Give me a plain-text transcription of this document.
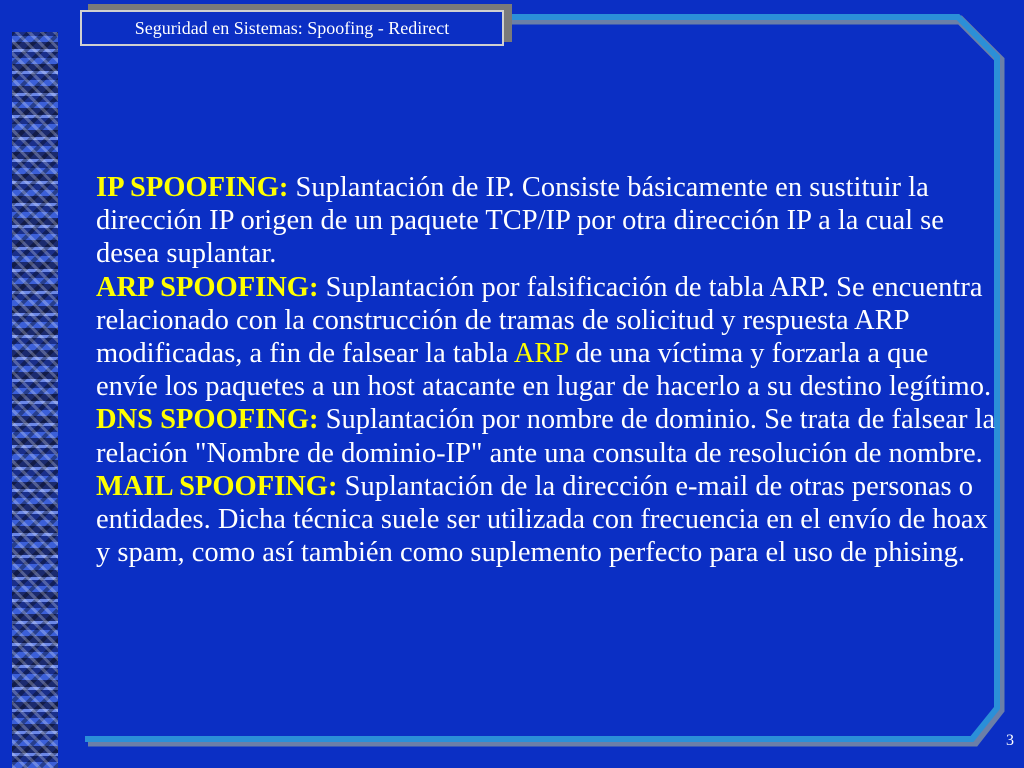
Seguridad en Sistemas: Spoofing - Redirect

IP SPOOFING: Suplantación de IP. Consiste básicamente en sustituir la dirección IP origen de un paquete TCP/IP por otra dirección IP a la cual se desea suplantar.

ARP SPOOFING: Suplantación por falsificación de tabla ARP. Se encuentra relacionado con la construcción de tramas de solicitud y respuesta ARP modificadas, a fin de falsear la tabla ARP de una víctima y forzarla a que envíe los paquetes a un host atacante en lugar de hacerlo a su destino legítimo.

DNS SPOOFING: Suplantación por nombre de dominio. Se trata de falsear la relación "Nombre de dominio-IP" ante una consulta de resolución de nombre.

MAIL SPOOFING: Suplantación de la dirección e-mail de otras personas o entidades. Dicha técnica suele ser utilizada con frecuencia en el envío de hoax y spam, como así también como suplemento perfecto para el uso de phising.

3
